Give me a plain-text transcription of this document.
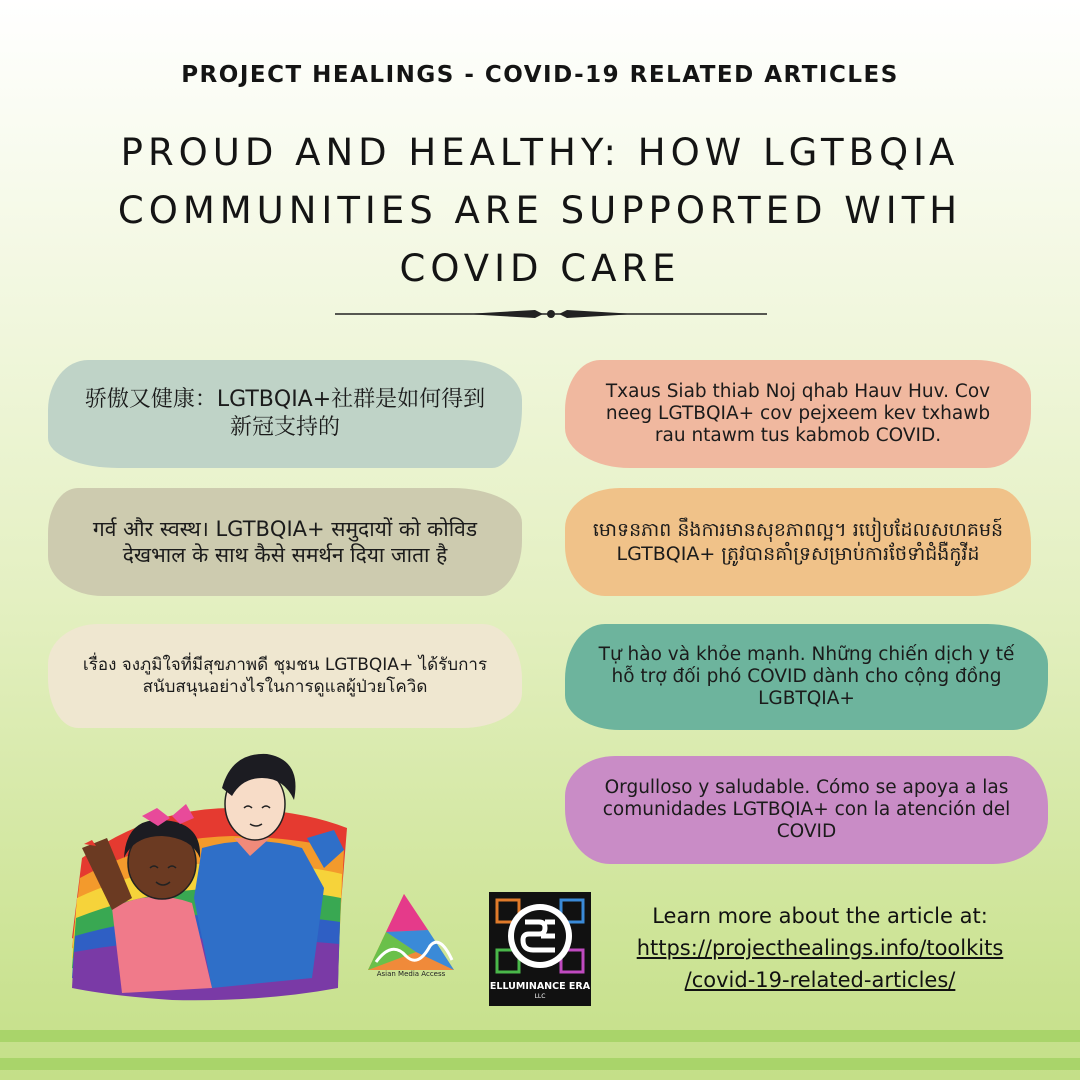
PROJECT HEALINGS - COVID-19 RELATED ARTICLES
PROUD AND HEALTHY: HOW LGTBQIA COMMUNITIES ARE SUPPORTED WITH COVID CARE
骄傲又健康：LGTBQIA+社群是如何得到新冠支持的
गर्व और स्वस्थ। LGTBQIA+ समुदायों को कोविड देखभाल के साथ कैसे समर्थन दिया जाता है
เรื่อง จงภูมิใจที่มีสุขภาพดี ชุมชน LGTBQIA+ ได้รับการสนับสนุนอย่างไรในการดูแลผู้ป่วยโควิด
Txaus Siab thiab Noj qhab Hauv Huv. Cov neeg LGTBQIA+ cov pejxeem kev txhawb rau ntawm tus kabmob COVID.
មោទនភាព នឹងការមានសុខភាពល្អ។ របៀបដែលសហគមន៍ LGTBQIA+ ត្រូវបានគាំទ្រសម្រាប់ការថែទាំជំងឺកូវីដ
Tự hào và khỏe mạnh. Những chiến dịch y tế hỗ trợ đối phó COVID dành cho cộng đồng LGBTQIA+
Orgulloso y saludable. Cómo se apoya a las comunidades LGTBQIA+ con la atención del COVID
Asian Media Access
ELLUMINANCE ERA
LLC
Learn more about the article at:
https://projecthealings.info/toolkits
/covid-19-related-articles/
